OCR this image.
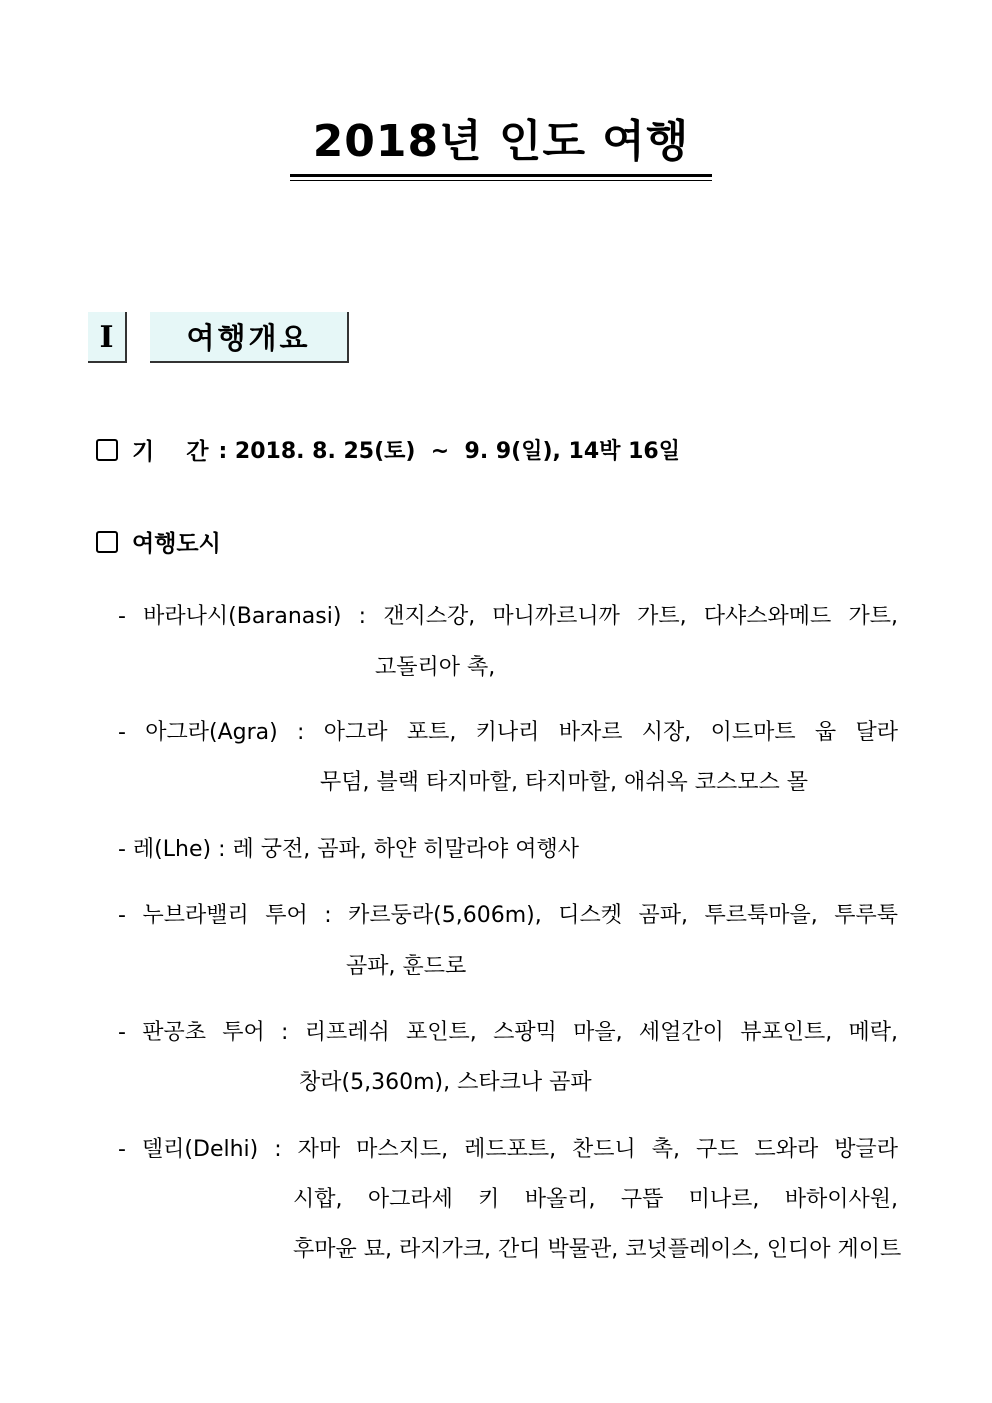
2018년 인도 여행
I	여행개요
기    간 : 2018. 8. 25(토)  ~  9. 9(일), 14박 16일
여행도시
- 바라나시(Baranasi) : 갠지스강, 마니까르니까 가트, 다샤스와메드 가트,
고돌리아 촉,
- 아그라(Agra) : 아그라 포트, 키나리 바자르 시장, 이드마트 웁 달라
무덤, 블랙 타지마할, 타지마할, 애쉬옥 코스모스 몰
- 레(Lhe) : 레 궁전, 곰파, 하얀 히말라야 여행사
- 누브라밸리 투어 : 카르둥라(5,606m), 디스켓 곰파, 투르툭마을, 투루툭
곰파, 훈드로
- 판공초 투어 : 리프레쉬 포인트, 스팡믹 마을, 세얼간이 뷰포인트, 메락,
창라(5,360m), 스타크나 곰파
- 델리(Delhi) : 자마 마스지드, 레드포트, 찬드니 촉, 구드 드와라 방글라
시합, 아그라세 키 바올리, 구뜹 미나르, 바하이사원,
후마윤 묘, 라지가크, 간디 박물관, 코넛플레이스, 인디아 게이트
